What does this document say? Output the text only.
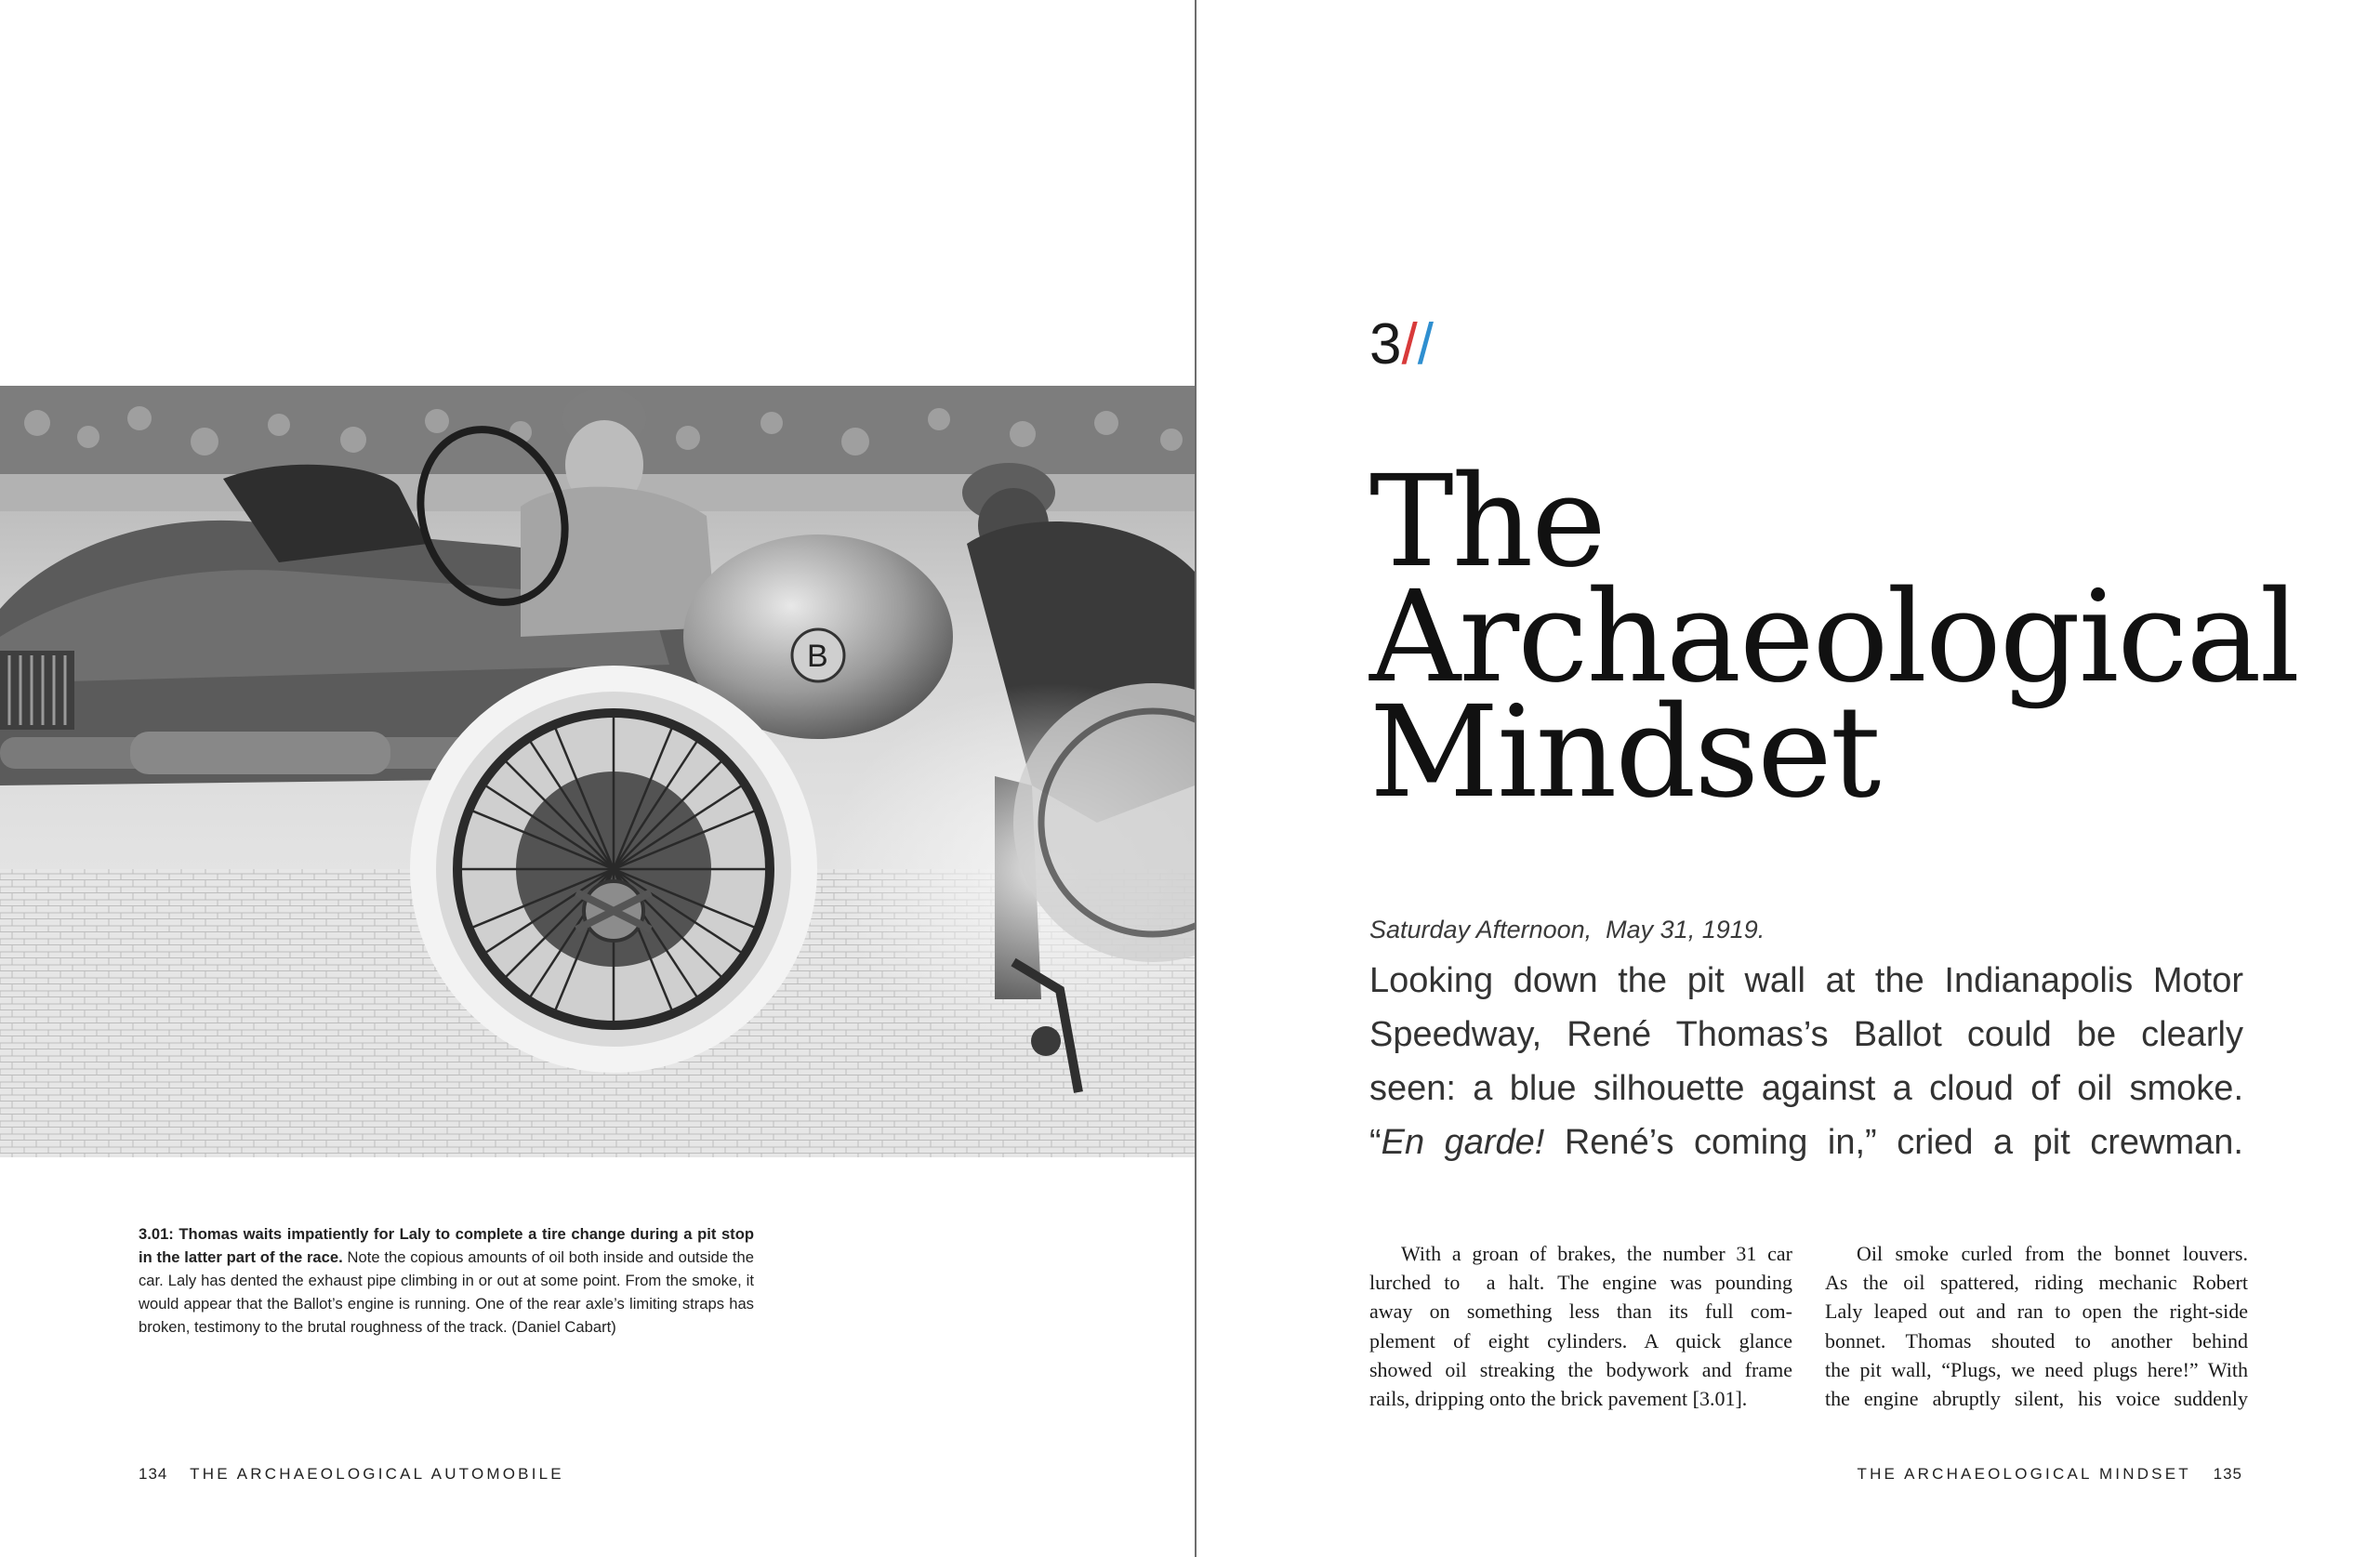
B
3.01: Thomas waits impatiently for Laly to complete a tire change during a pit stop in the latter part of the race. Note the copious amounts of oil both inside and outside the car. Laly has dented the exhaust pipe climbing in or out at some point. From the smoke, it would appear that the Ballot’s engine is running. One of the rear axle’s limiting straps has broken, testimony to the brutal roughness of the track. (Daniel Cabart)
134 THE ARCHAEOLOGICAL AUTOMOBILE
3//
The
Archaeological
Mindset
Saturday Afternoon,  May 31, 1919.

Looking down the pit wall at the Indianapolis Motor
Speedway, René Thomas’s Ballot could be clearly
seen: a blue silhouette against a cloud of oil smoke.
“En garde! René’s coming in,” cried a pit crewman.

With a groan of brakes, the number 31 car
lurched to  a halt. The engine was pounding
away on something less than its full com-
plement of eight cylinders. A quick glance
showed oil streaking the bodywork and frame
rails, dripping onto the brick pavement [3.01].

Oil smoke curled from the bonnet louvers.
As the oil spattered, riding mechanic Robert
Laly leaped out and ran to open the right-side
bonnet. Thomas shouted to another behind
the pit wall, “Plugs, we need plugs here!” With
the engine abruptly silent, his voice suddenly

THE ARCHAEOLOGICAL MINDSET 135
